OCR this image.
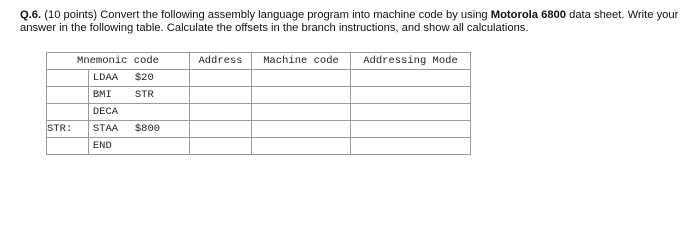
Q.6. (10 points) Convert the following assembly language program into machine code by using Motorola 6800 data sheet. Write your answer in the following table. Calculate the offsets in the branch instructions, and show all calculations.
Mnemonic code		Address	Machine code	Addressing Mode
	LDAA $20			
	BMI STR			
	DECA			
STR:	STAA $800			
	END			
